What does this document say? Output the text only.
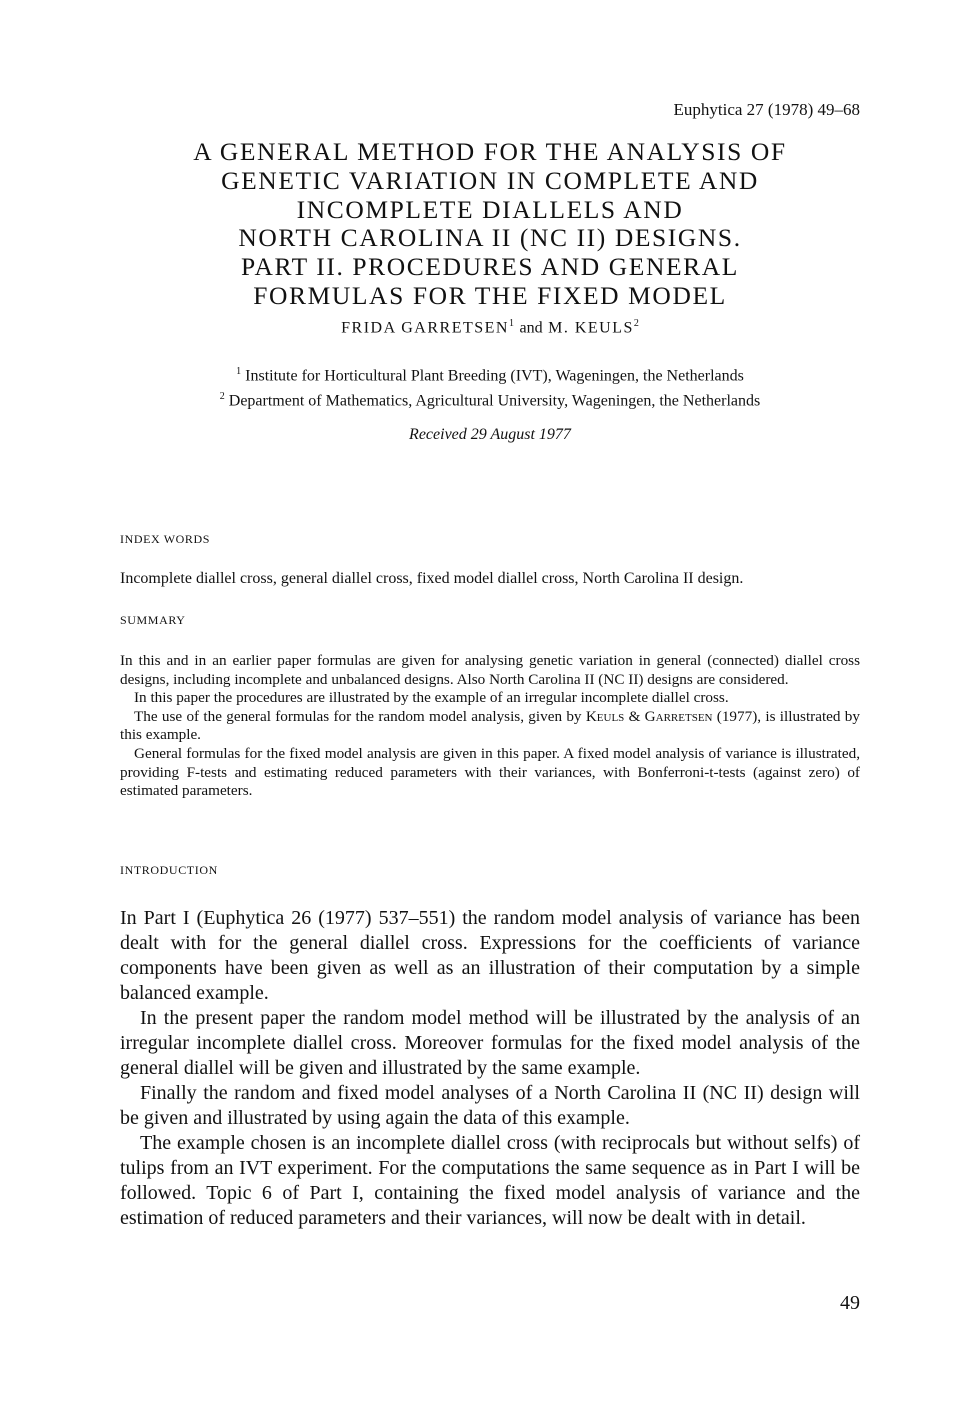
Euphytica 27 (1978) 49–68
A GENERAL METHOD FOR THE ANALYSIS OF
GENETIC VARIATION IN COMPLETE AND
INCOMPLETE DIALLELS AND
NORTH CAROLINA II (NC II) DESIGNS.
PART II. PROCEDURES AND GENERAL
FORMULAS FOR THE FIXED MODEL
FRIDA GARRETSEN$^1$ and M. KEULS$^2$
$^1$ Institute for Horticultural Plant Breeding (IVT), Wageningen, the Netherlands
$^2$ Department of Mathematics, Agricultural University, Wageningen, the Netherlands
Received 29 August 1977
INDEX WORDS
Incomplete diallel cross, general diallel cross, fixed model diallel cross, North Carolina II design.
SUMMARY

In this and in an earlier paper formulas are given for analysing genetic variation in general (connected) diallel cross designs, including incomplete and unbalanced designs. Also North Carolina II (NC II) designs are considered.

In this paper the procedures are illustrated by the example of an irregular incomplete diallel cross.

The use of the general formulas for the random model analysis, given by Keuls & Garretsen (1977), is illustrated by this example.

General formulas for the fixed model analysis are given in this paper. A fixed model analysis of variance is illustrated, providing F-tests and estimating reduced parameters with their variances, with Bonferroni-t-tests (against zero) of estimated parameters.

INTRODUCTION

In Part I (Euphytica 26 (1977) 537–551) the random model analysis of variance has been dealt with for the general diallel cross. Expressions for the coefficients of variance components have been given as well as an illustration of their computation by a simple balanced example.

In the present paper the random model method will be illustrated by the analysis of an irregular incomplete diallel cross. Moreover formulas for the fixed model analysis of the general diallel will be given and illustrated by the same example.

Finally the random and fixed model analyses of a North Carolina II (NC II) design will be given and illustrated by using again the data of this example.

The example chosen is an incomplete diallel cross (with reciprocals but without selfs) of tulips from an IVT experiment. For the computations the same sequence as in Part I will be followed. Topic 6 of Part I, containing the fixed model analysis of variance and the estimation of reduced parameters and their variances, will now be dealt with in detail.

49
